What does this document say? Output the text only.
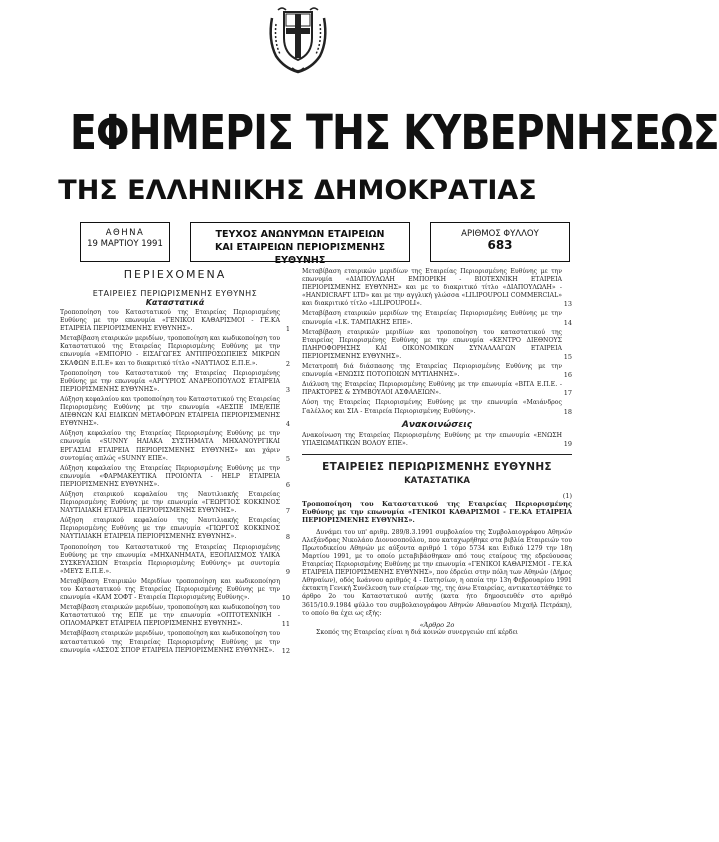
ΕΦΗΜΕΡΙΣ ΤΗΣ ΚΥΒΕΡΝΗΣΕΩΣ
ΤΗΣ ΕΛΛΗΝΙΚΗΣ ΔΗΜΟΚΡΑΤΙΑΣ
ΑΘΗΝΑ
19 ΜΑΡΤΙΟΥ 1991
ΤΕΥΧΟΣ ΑΝΩΝΥΜΩΝ ΕΤΑΙΡΕΙΩΝ
ΚΑΙ ΕΤΑΙΡΕΙΩΝ ΠΕΡΙΟΡΙΣΜΕΝΗΣ ΕΥΘΥΝΗΣ
ΑΡΙΘΜΟΣ ΦΥΛΛΟΥ
683
ΠΕΡΙΕΧΟΜΕΝΑ
ΕΤΑΙΡΕΙΕΣ ΠΕΡΙΩΡΙΣΜΕΝΗΣ ΕΥΘΥΝΗΣ
Καταστατικά
Τροποποίηση του Καταστατικού της Εταιρείας Περιορισμένης Ευθύνης με την επωνυμία «ΓΕΝΙΚΟΙ ΚΑΘΑΡΙΣΜΟΙ - ΓΕ.ΚΑ ΕΤΑΙΡΕΙΑ ΠΕΡΙΟΡΙΣΜΕΝΗΣ ΕΥΘΥΝΗΣ».	1
Μεταβίβαση εταιρικών μεριδίων, τροποποίηση και κωδικοποίηση του Καταστατικού της Εταιρείας Περιορισμένης Ευθύνης με την επωνυμία «ΕΜΠΟΡΙΟ - ΕΙΣΑΓΩΓΕΣ ΑΝΤΙΠΡΟΣΩΠΕΙΕΣ ΜΙΚΡΩΝ ΣΚΑΦΩΝ Ε.Π.Ε» και το διακριτικό τίτλο «ΝΑΥΤΙΛΟΣ Ε.Π.Ε.».	2
Τροποποίηση του Καταστατικού της Εταιρείας Περιορισμένης Ευθύνης με την επωνυμία «ΑΡΓΥΡΙΟΣ ΑΝΔΡΕΟΠΟΥΛΟΣ ΕΤΑΙΡΕΙΑ ΠΕΡΙΟΡΙΣΜΕΝΗΣ ΕΥΘΥΝΗΣ».	3
Αύξηση κεφαλαίου και τροποποίηση του Καταστατικού της Εταιρείας Περιορισμένης Ευθύνης με την επωνυμία «ΑΕΣΠΕ ΙΜΕ/ΕΠΕ ΔΙΕΘΝΩΝ ΚΑΙ ΕΙΔΙΚΩΝ ΜΕΤΑΦΟΡΩΝ ΕΤΑΙΡΕΙΑ ΠΕΡΙΟΡΙΣΜΕΝΗΣ ΕΥΘΥΝΗΣ».	4
Αύξηση κεφαλαίου της Εταιρείας Περιορισμένης Ευθύνης με την επωνυμία «SUNNY ΗΛΙΑΚΑ ΣΥΣΤΗΜΑΤΑ ΜΗΧΑΝΟΥΡΓΙΚΑΙ ΕΡΓΑΣΙΑΙ ΕΤΑΙΡΕΙΑ ΠΕΡΙΟΡΙΣΜΕΝΗΣ ΕΥΘΥΝΗΣ» και χάριν συντομίας απλώς «SUNNY ΕΠΕ».	5
Αύξηση κεφαλαίου της Εταιρείας Περιορισμένης Ευθύνης με την επωνυμία «ΦΑΡΜΑΚΕΥΤΙΚΑ ΠΡΟΙΟΝΤΑ - HELP ΕΤΑΙΡΕΙΑ ΠΕΡΙΟΡΙΣΜΕΝΗΣ ΕΥΘΥΝΗΣ».	6
Αύξηση εταιρικού κεφαλαίου της Ναυτιλιακής Εταιρείας Περιορισμένης Ευθύνης με την επωνυμία «ΓΕΩΡΓΙΟΣ ΚΟΚΚΙΝΟΣ ΝΑΥΤΙΛΙΑΚΗ ΕΤΑΙΡΕΙΑ ΠΕΡΙΟΡΙΣΜΕΝΗΣ ΕΥΘΥΝΗΣ».	7
Αύξηση εταιρικού κεφαλαίου της Ναυτιλιακής Εταιρείας Περιορισμένης Ευθύνης με την επωνυμία «ΓΙΩΡΓΟΣ ΚΟΚΚΙΝΟΣ ΝΑΥΤΙΛΙΑΚΗ ΕΤΑΙΡΕΙΑ ΠΕΡΙΟΡΙΣΜΕΝΗΣ ΕΥΘΥΝΗΣ».	8
Τροποποίηση του Καταστατικού της Εταιρείας Περιορισμένης Ευθύνης με την επωνυμία «ΜΗΧΑΝΗΜΑΤΑ, ΕΞΟΠΛΙΣΜΟΣ ΥΛΙΚΑ ΣΥΣΚΕΥΑΣΙΩΝ Εταιρεία Περιορισμένης Ευθύνης» με συντομία «ΜΕΥΣ Ε.Π.Ε.».	9
Μεταβίβαση Εταιρικών Μεριδίων τροποποίηση και κωδικοποίηση του Καταστατικού της Εταιρείας Περιορισμένης Ευθύνης με την επωνυμία «ΚΑΜ ΣΟΦΤ - Εταιρεία Περιορισμένης Ευθύνης».	10
Μεταβίβαση εταιρικών μεριδίων, τροποποίηση και κωδικοποίηση του Καταστατικού της ΕΠΕ με την επωνυμία «ΟΠΤΟΤΕΧΝΙΚΗ - ΟΠΛΟΜΑΡΚΕΤ ΕΤΑΙΡΕΙΑ ΠΕΡΙΟΡΙΣΜΕΝΗΣ ΕΥΘΥΝΗΣ».	11
Μεταβίβαση εταιρικών μεριδίων, τροποποίηση και κωδικοποίηση του καταστατικού της Εταιρείας Περιορισμένης Ευθύνης με την επωνυμία «ΑΣΣΟΣ ΣΠΟΡ ΕΤΑΙΡΕΙΑ ΠΕΡΙΟΡΙΣΜΕΝΗΣ ΕΥΘΥΝΗΣ». 12
Μεταβίβαση εταιρικών μεριδίων της Εταιρείας Περιορισμένης Ευθύνης με την επωνυμία «ΔΙΑΠΟΥΛΩΛΗ ΕΜΠΟΡΙΚΗ - ΒΙΟΤΕΧΝΙΚΗ ΕΤΑΙΡΕΙΑ ΠΕΡΙΟΡΙΣΜΕΝΗΣ ΕΥΘΥΝΗΣ» και με το διακριτικό τίτλο «ΔΙΑΠΟΥΛΩΛΗ» - «HANDICRAFT LTD» και με την αγγλική γλώσσα «LILIPOUPOLI COMMERCIAL» και διακριτικό τίτλο «LILIPOUPOLI».	13
Μεταβίβαση εταιρικών μεριδίων της Εταιρείας Περιορισμένης Ευθύνης με την επωνυμία «Ι.Κ. ΤΑΜΠΑΚΗΣ ΕΠΕ».	14
Μεταβίβαση εταιρικών μεριδίων και τροποποίηση του καταστατικού της Εταιρείας Περιορισμένης Ευθύνης με την επωνυμία «ΚΕΝΤΡΟ ΔΙΕΘΝΟΥΣ ΠΛΗΡΟΦΟΡΗΣΗΣ ΚΑΙ ΟΙΚΟΝΟΜΙΚΩΝ ΣΥΝΑΛΛΑΓΩΝ ΕΤΑΙΡΕΙΑ ΠΕΡΙΟΡΙΣΜΕΝΗΣ ΕΥΘΥΝΗΣ».	15
Μετατροπή διά διάσπασης της Εταιρείας Περιορισμένης Ευθύνης με την επωνυμία «ΕΝΩΣΙΣ ΠΟΤΟΠΟΙΩΝ ΜΥΤΙΛΗΝΗΣ».	16
Διάλυση της Εταιρείας Περιορισμένης Ευθύνης με την επωνυμία «ΒΙΤΑ Ε.Π.Ε. - ΠΡΑΚΤΟΡΕΣ & ΣΥΜΒΟΥΛΟΙ ΑΣΦΑΛΕΙΩΝ».	17
Λύση της Εταιρείας Περιορισμένης Ευθύνης με την επωνυμία «Μαιάνδρος Γαλέλλος και ΣΙΑ - Εταιρεία Περιορισμένης Ευθύνης».	18
Ανακοινώσεις
Ανακοίνωση της Εταιρείας Περιορισμένης Ευθύνης με την επωνυμία «ΕΝΩΣΗ ΥΠΑΞΙΩΜΑΤΙΚΩΝ ΒΟΛΟΥ ΕΠΕ».	19
ΕΤΑΙΡΕΙΕΣ ΠΕΡΙΩΡΙΣΜΕΝΗΣ ΕΥΘΥΝΗΣ
ΚΑΤΑΣΤΑΤΙΚΑ
(1)
Τροποποίηση του Καταστατικού της Εταιρείας Περιορισμένης Ευθύνης με την επωνυμία «ΓΕΝΙΚΟΙ ΚΑΘΑΡΙΣΜΟΙ - ΓΕ.ΚΑ ΕΤΑΙΡΕΙΑ ΠΕΡΙΟΡΙΣΜΕΝΗΣ ΕΥΘΥΝΗΣ».
Δυνάμει του υπ' αριθμ. 289/8.3.1991 συμβολαίου της Συμβολαιογράφου Αθηνών Αλεξάνδρας Νικολάου Διονυσοπούλου, που καταχωρήθηκε στα βιβλία Εταιρειών του Πρωτοδικείου Αθηνών με αύξοντα αριθμό 1 τόμο 5734 και Ειδικό 1279 την 18η Μαρτίου 1991, με το οποίο μεταβιβάσθηκαν από τους εταίρους της εδρεύουσας Εταιρείας Περιορισμένης Ευθύνης με την επωνυμία «ΓΕΝΙΚΟΙ ΚΑΘΑΡΙΣΜΟΙ - ΓΕ.ΚΑ ΕΤΑΙΡΕΙΑ ΠΕΡΙΟΡΙΣΜΕΝΗΣ ΕΥΘΥΝΗΣ», που έδρεύει στην πόλη των Αθηνών (Δήμος Αθηναίων), οδός Ιωάννου αριθμός 4 - Πατησίων, η οποία την 13η Φεβρουαρίου 1991 έκτακτη Γενική Συνέλευση των εταίρων της, της άνω Εταιρείας, αντικατεστάθηκε το άρθρο 2ο του Καταστατικού αυτής (κατα ήτο δημοσιευθέν στο αριθμό 3615/10.9.1984 φύλλο του συμβολαιογράφου Αθηνών Αθανασίου Μιχαήλ Πετράκη), το οποίο θα έχει ως εξής:
«Άρθρο 2ο
Σκοπός της Εταιρείας είναι η διά κοινών συνεργειών επί κέρδει
